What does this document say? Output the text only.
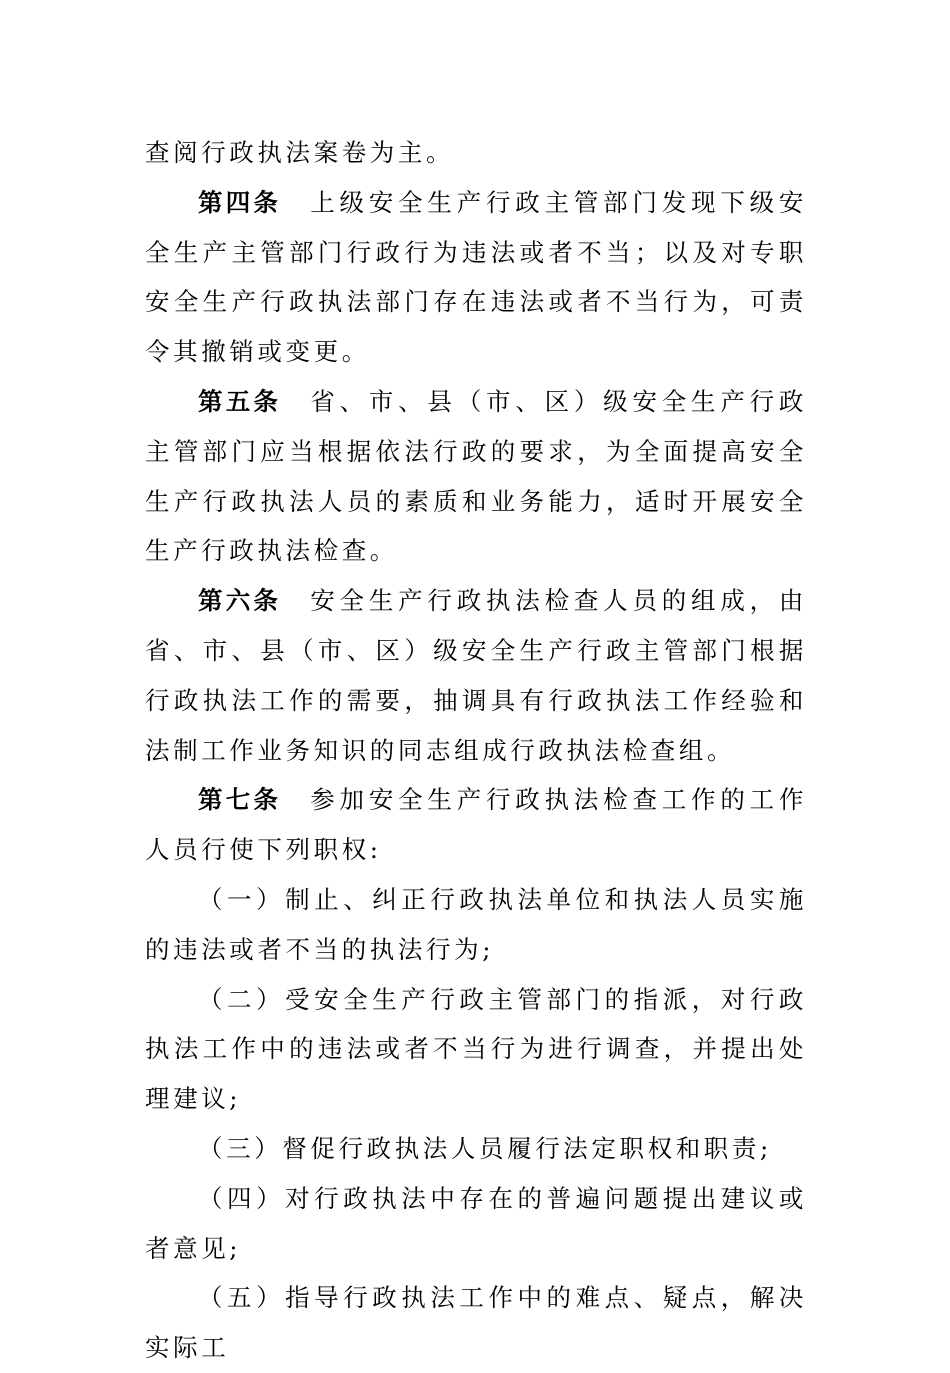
查阅行政执法案卷为主。

第四条 上级安全生产行政主管部门发现下级安全生产主管部门行政行为违法或者不当；以及对专职安全生产行政执法部门存在违法或者不当行为，可责令其撤销或变更。

第五条 省、市、县（市、区）级安全生产行政主管部门应当根据依法行政的要求，为全面提高安全生产行政执法人员的素质和业务能力，适时开展安全生产行政执法检查。

第六条 安全生产行政执法检查人员的组成，由省、市、县（市、区）级安全生产行政主管部门根据行政执法工作的需要，抽调具有行政执法工作经验和法制工作业务知识的同志组成行政执法检查组。

第七条 参加安全生产行政执法检查工作的工作人员行使下列职权:

（一）制止、纠正行政执法单位和执法人员实施的违法或者不当的执法行为;

（二）受安全生产行政主管部门的指派，对行政执法工作中的违法或者不当行为进行调查，并提出处理建议;

（三）督促行政执法人员履行法定职权和职责;

（四）对行政执法中存在的普遍问题提出建议或者意见;

（五）指导行政执法工作中的难点、疑点，解决实际工
